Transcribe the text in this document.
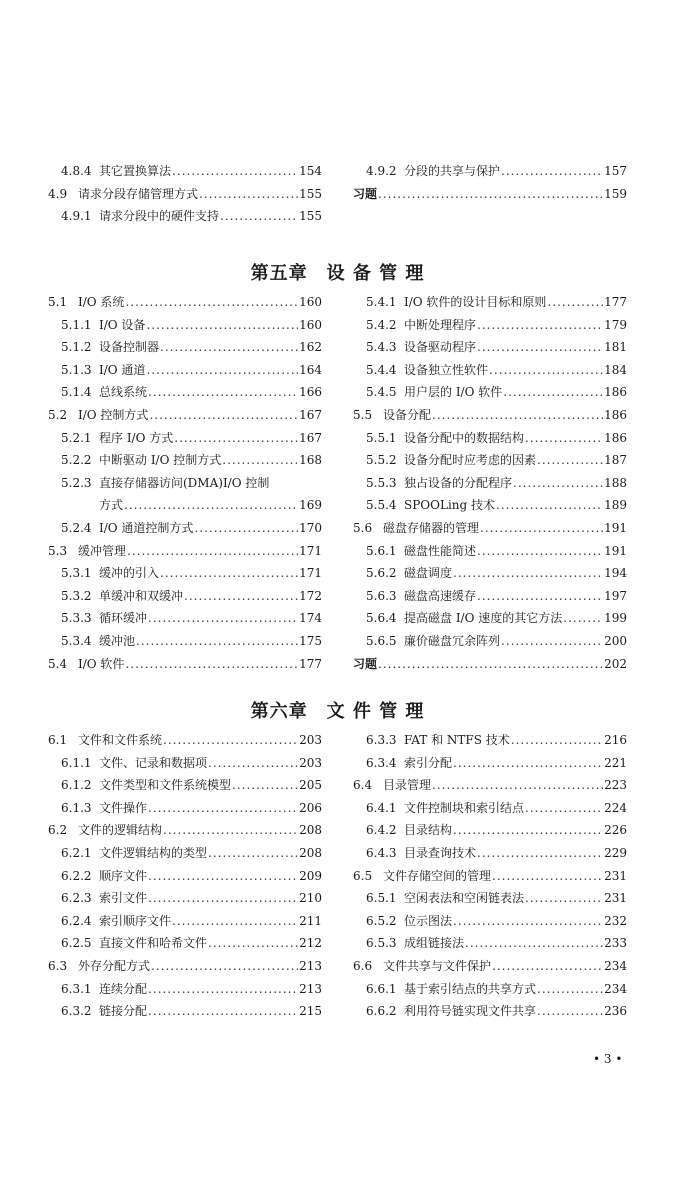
4.8.4 其它置换算法 .....	154
4.9 请求分段存储管理方式 .....	155
4.9.1 请求分段中的硬件支持 .....	155
4.9.2 分段的共享与保护 .....	157
习题 .....	159
第五章　设 备 管 理
5.1 I/O 系统 .....	160
5.1.1 I/O 设备 .....	160
5.1.2 设备控制器 .....	162
5.1.3 I/O 通道 .....	164
5.1.4 总线系统 .....	166
5.2 I/O 控制方式 .....	167
5.2.1 程序 I/O 方式 .....	167
5.2.2 中断驱动 I/O 控制方式 .....	168
5.2.3 直接存储器访问(DMA)I/O 控制
方式 .....	169
5.2.4 I/O 通道控制方式 .....	170
5.3 缓冲管理 .....	171
5.3.1 缓冲的引入 .....	171
5.3.2 单缓冲和双缓冲 .....	172
5.3.3 循环缓冲 .....	174
5.3.4 缓冲池 .....	175
5.4 I/O 软件 .....	177
5.4.1 I/O 软件的设计目标和原则 .....	177
5.4.2 中断处理程序 .....	179
5.4.3 设备驱动程序 .....	181
5.4.4 设备独立性软件 .....	184
5.4.5 用户层的 I/O 软件 .....	186
5.5 设备分配 .....	186
5.5.1 设备分配中的数据结构 .....	186
5.5.2 设备分配时应考虑的因素 .....	187
5.5.3 独占设备的分配程序 .....	188
5.5.4 SPOOLing 技术 .....	189
5.6 磁盘存储器的管理 .....	191
5.6.1 磁盘性能简述 .....	191
5.6.2 磁盘调度 .....	194
5.6.3 磁盘高速缓存 .....	197
5.6.4 提高磁盘 I/O 速度的其它方法 .....	199
5.6.5 廉价磁盘冗余阵列 .....	200
习题 .....	202
第六章　文 件 管 理
6.1 文件和文件系统 .....	203
6.1.1 文件、记录和数据项 .....	203
6.1.2 文件类型和文件系统模型 .....	205
6.1.3 文件操作 .....	206
6.2 文件的逻辑结构 .....	208
6.2.1 文件逻辑结构的类型 .....	208
6.2.2 顺序文件 .....	209
6.2.3 索引文件 .....	210
6.2.4 索引顺序文件 .....	211
6.2.5 直接文件和哈希文件 .....	212
6.3 外存分配方式 .....	213
6.3.1 连续分配 .....	213
6.3.2 链接分配 .....	215
6.3.3 FAT 和 NTFS 技术 .....	216
6.3.4 索引分配 .....	221
6.4 目录管理 .....	223
6.4.1 文件控制块和索引结点 .....	224
6.4.2 目录结构 .....	226
6.4.3 目录查询技术 .....	229
6.5 文件存储空间的管理 .....	231
6.5.1 空闲表法和空闲链表法 .....	231
6.5.2 位示图法 .....	232
6.5.3 成组链接法 .....	233
6.6 文件共享与文件保护 .....	234
6.6.1 基于索引结点的共享方式 .....	234
6.6.2 利用符号链实现文件共享 .....	236
• 3 •
